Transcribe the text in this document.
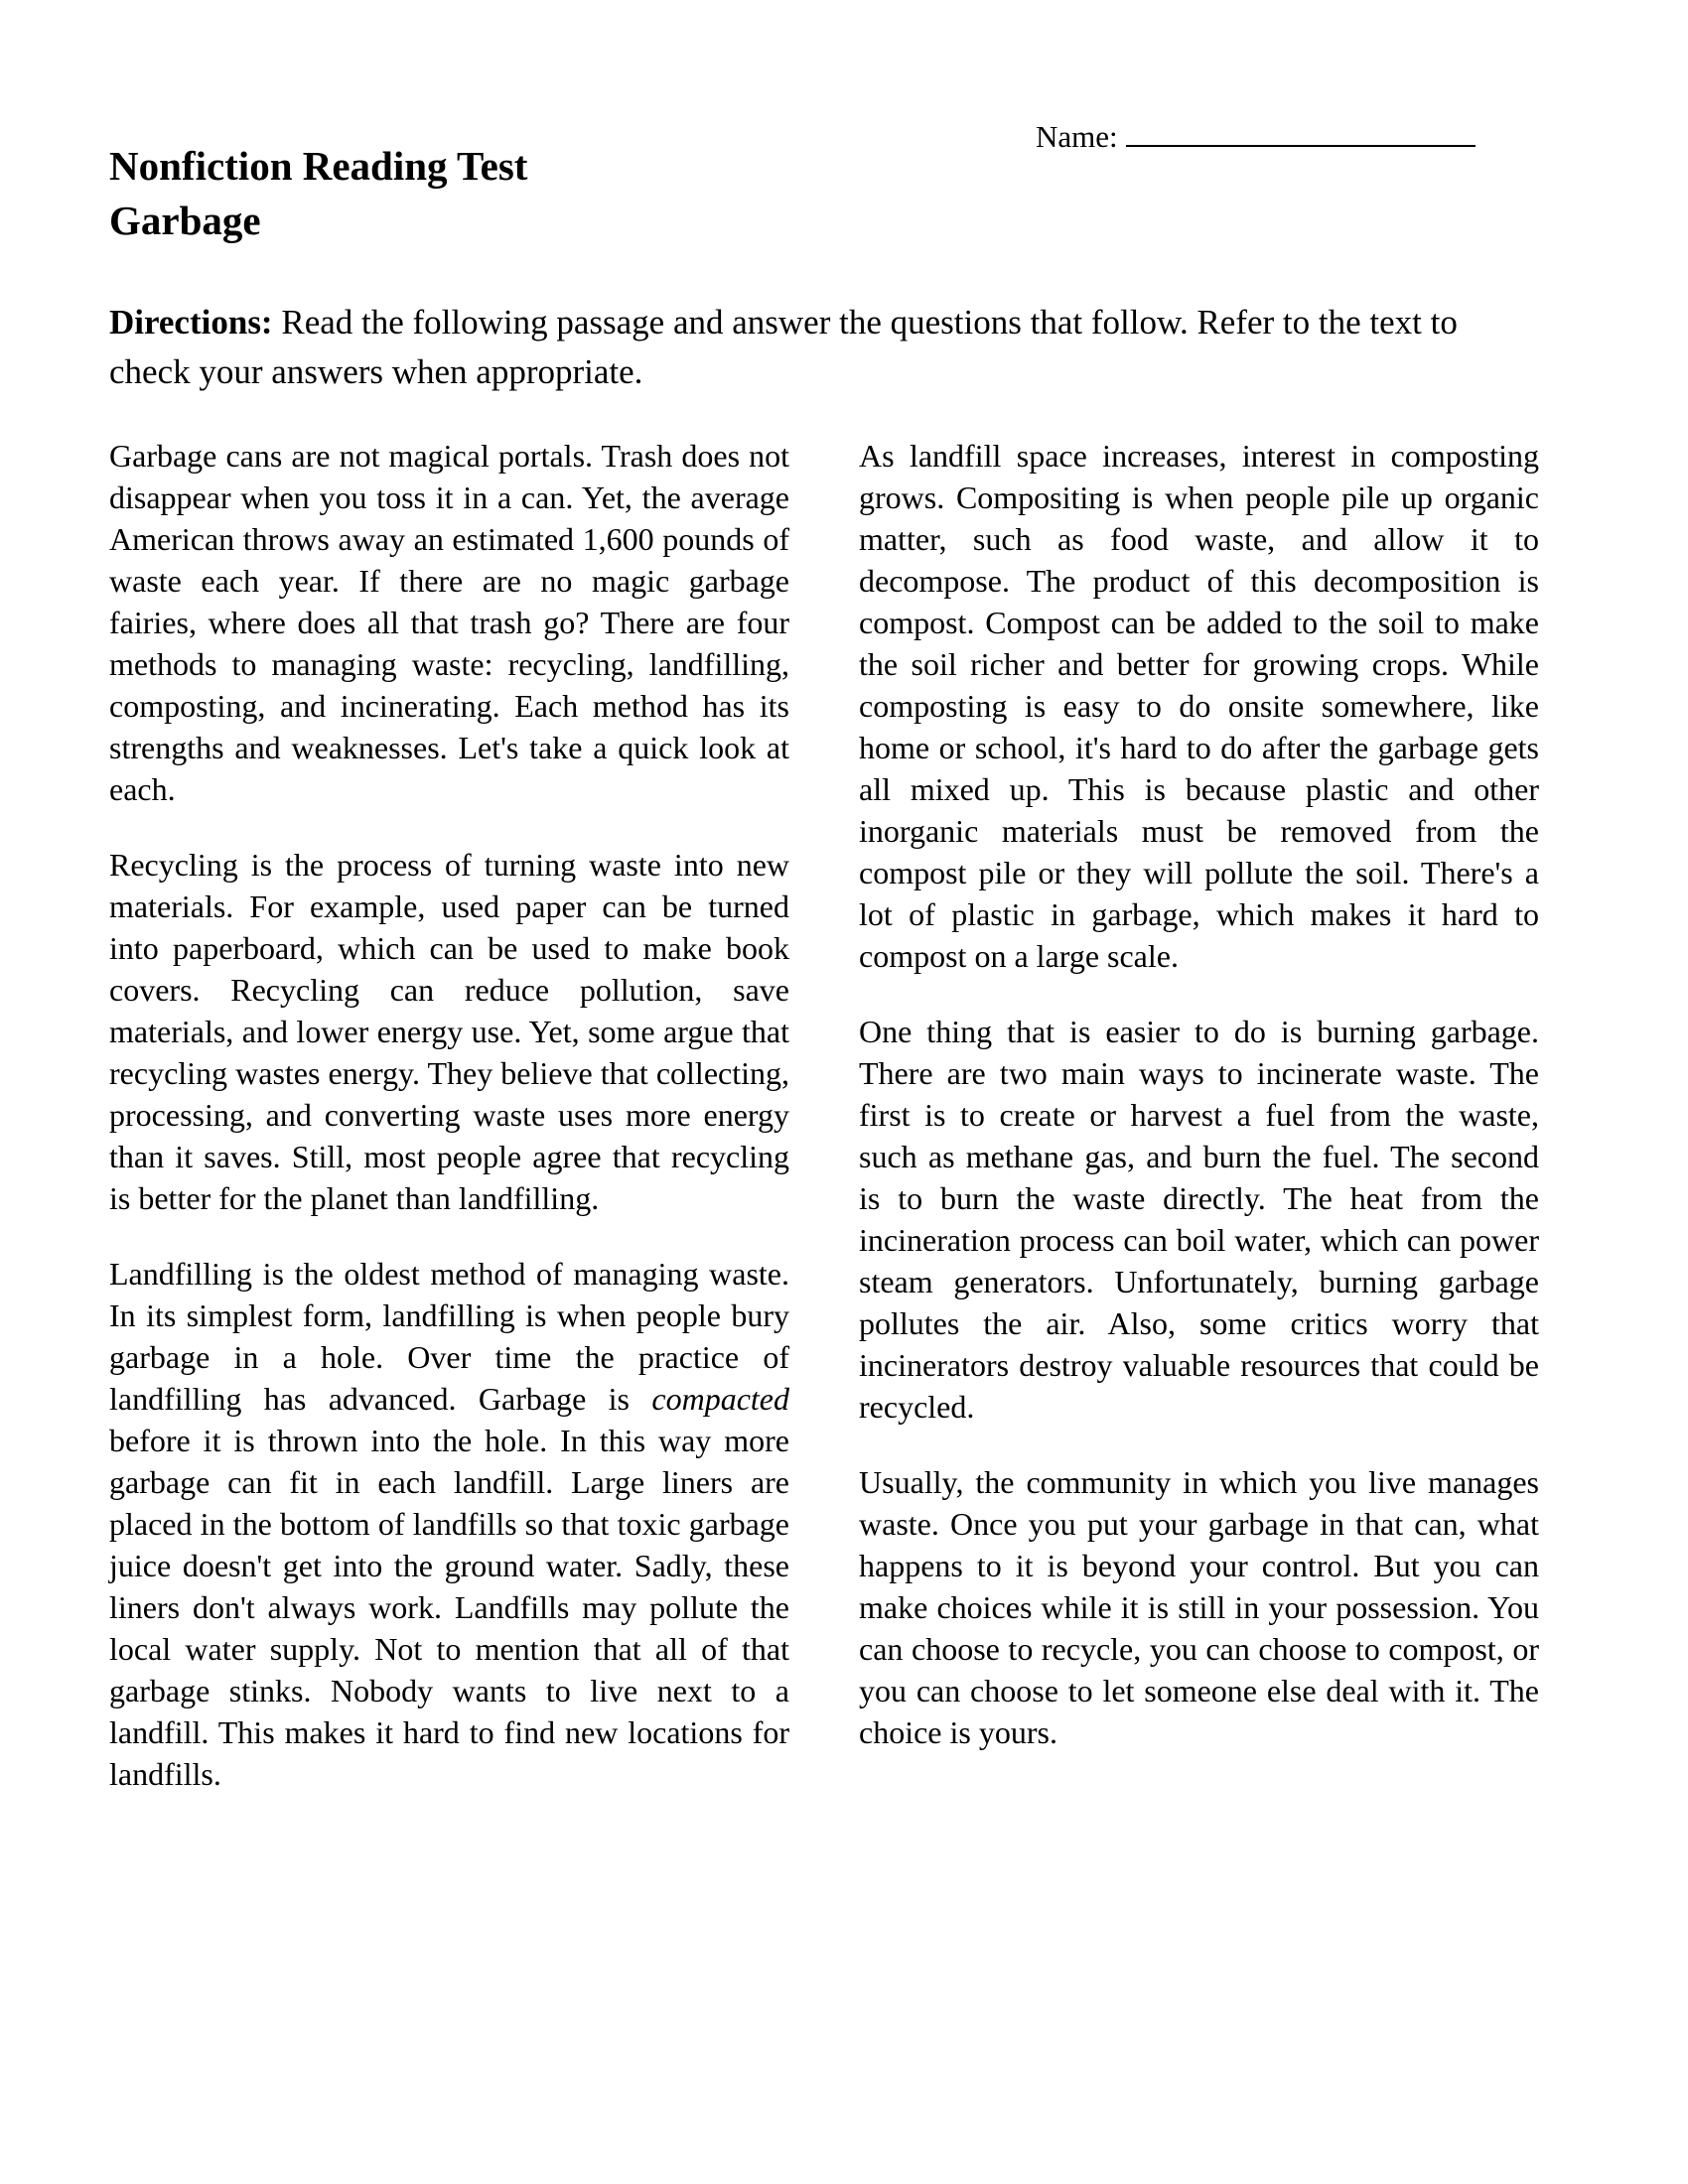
Name:
Nonfiction Reading Test
Garbage
Directions: Read the following passage and answer the questions that follow. Refer to the text to check your answers when appropriate.

Garbage cans are not magical portals. Trash does not disappear when you toss it in a can. Yet, the average American throws away an estimated 1,600 pounds of waste each year. If there are no magic garbage fairies, where does all that trash go? There are four methods to managing waste: recycling, landfilling, composting, and incinerating. Each method has its strengths and weaknesses. Let's take a quick look at each.

Recycling is the process of turning waste into new materials. For example, used paper can be turned into paperboard, which can be used to make book covers. Recycling can reduce pollution, save materials, and lower energy use. Yet, some argue that recycling wastes energy. They believe that collecting, processing, and converting waste uses more energy than it saves. Still, most people agree that recycling is better for the planet than landfilling.

Landfilling is the oldest method of managing waste. In its simplest form, landfilling is when people bury garbage in a hole. Over time the practice of landfilling has advanced. Garbage is compacted before it is thrown into the hole. In this way more garbage can fit in each landfill. Large liners are placed in the bottom of landfills so that toxic garbage juice doesn't get into the ground water. Sadly, these liners don't always work. Landfills may pollute the local water supply. Not to mention that all of that garbage stinks. Nobody wants to live next to a landfill. This makes it hard to find new locations for landfills.

As landfill space increases, interest in composting grows. Compositing is when people pile up organic matter, such as food waste, and allow it to decompose. The product of this decomposition is compost. Compost can be added to the soil to make the soil richer and better for growing crops. While composting is easy to do onsite somewhere, like home or school, it's hard to do after the garbage gets all mixed up. This is because plastic and other inorganic materials must be removed from the compost pile or they will pollute the soil. There's a lot of plastic in garbage, which makes it hard to compost on a large scale.

One thing that is easier to do is burning garbage. There are two main ways to incinerate waste. The first is to create or harvest a fuel from the waste, such as methane gas, and burn the fuel. The second is to burn the waste directly. The heat from the incineration process can boil water, which can power steam generators. Unfortunately, burning garbage pollutes the air. Also, some critics worry that incinerators destroy valuable resources that could be recycled.

Usually, the community in which you live manages waste. Once you put your garbage in that can, what happens to it is beyond your control. But you can make choices while it is still in your possession. You can choose to recycle, you can choose to compost, or you can choose to let someone else deal with it. The choice is yours.
